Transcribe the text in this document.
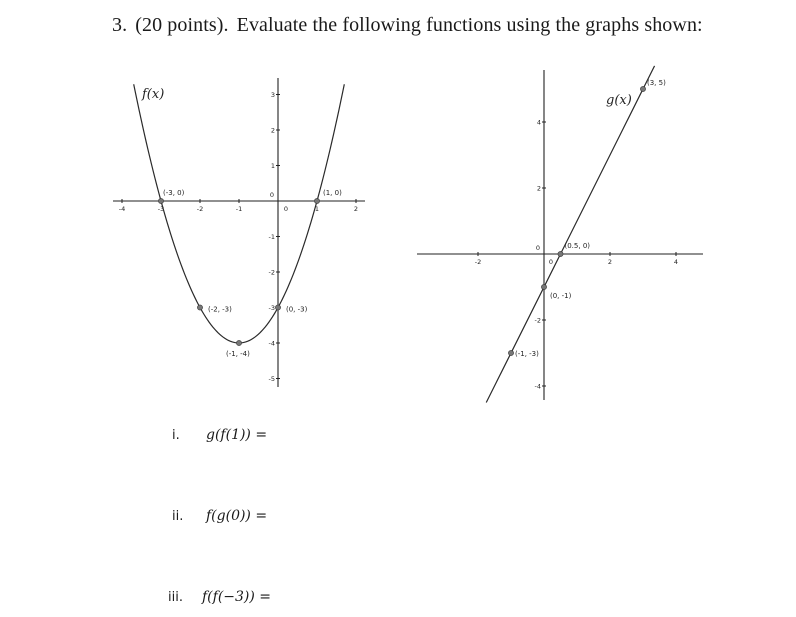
3. (20 points). Evaluate the following functions using the graphs shown:
-4	-3	-2	-1	0	1	2
-5
-4
-3
-2
-1
0
1
2
3
(-3, 0)	(1, 0)
(-2, -3)	(0, -3)
(-1, -4)
f(x)
-2	0	2	4
-4
-2
0
2
4
(3, 5)
(0.5, 0)
(0, -1)
(-1, -3)
g(x)
i. g(f(1)) =
ii. f(g(0)) =
iii. f(f(−3)) =
